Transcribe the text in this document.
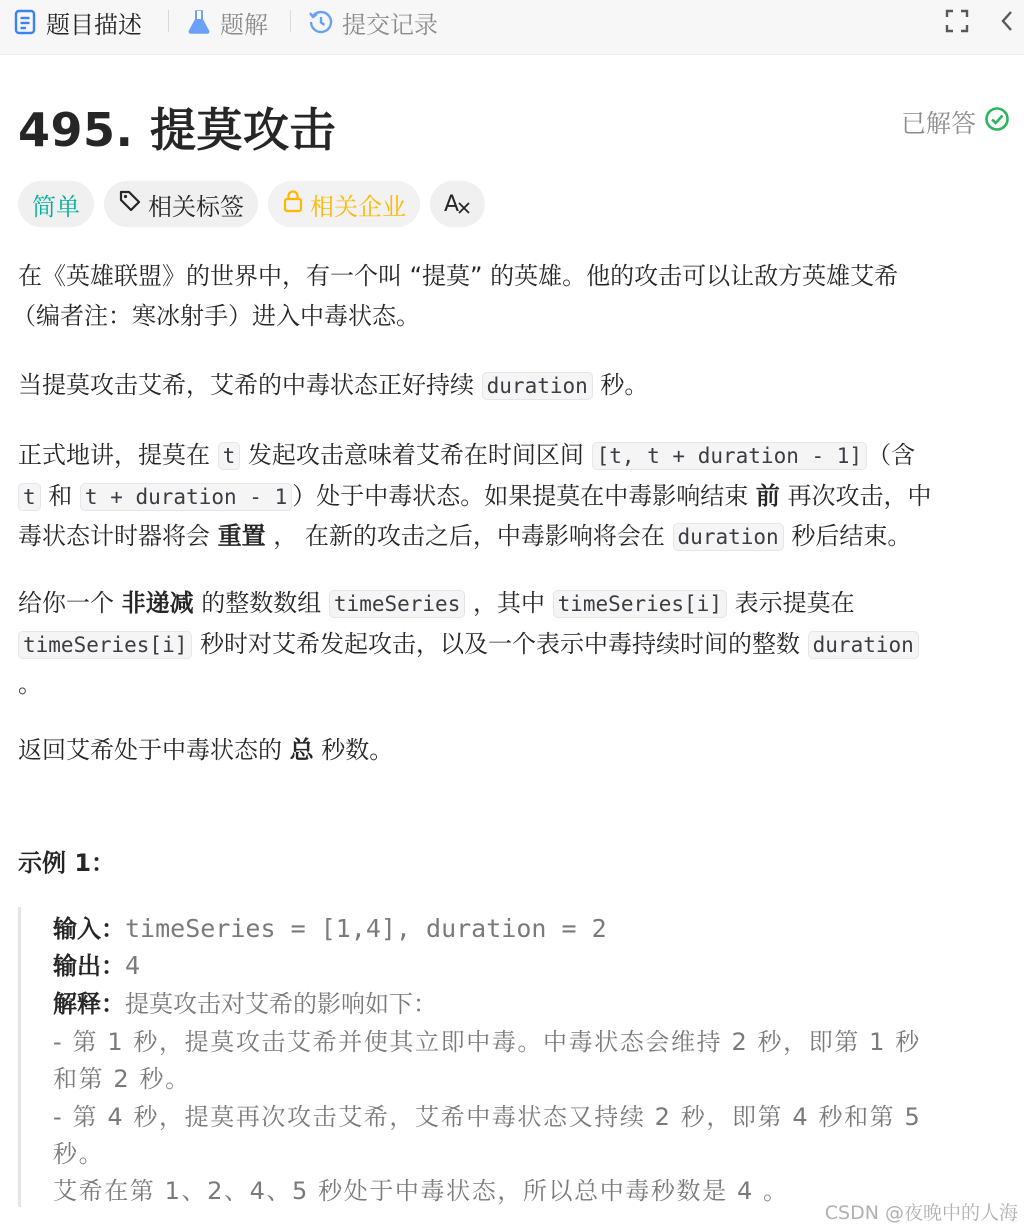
题目描述	题解	提交记录
495. 提莫攻击	已解答
简单	相关标签	相关企业 A
在《英雄联盟》的世界中，有一个叫 “提莫” 的英雄。他的攻击可以让敌方英雄艾希
（编者注：寒冰射手）进入中毒状态。
当提莫攻击艾希，艾希的中毒状态正好持续 duration 秒。
正式地讲，提莫在 t 发起攻击意味着艾希在时间区间 [t, t + duration - 1] （含
t 和 t + duration - 1 ）处于中毒状态。如果提莫在中毒影响结束 前 再次攻击，中
毒状态计时器将会 重置 ， 在新的攻击之后，中毒影响将会在 duration 秒后结束。
给你一个 非递减 的整数数组 timeSeries ，其中 timeSeries[i] 表示提莫在
timeSeries[i] 秒时对艾希发起攻击，以及一个表示中毒持续时间的整数 duration
。
返回艾希处于中毒状态的 总 秒数。
示例 1：
输入：timeSeries = [1,4], duration = 2
输出：4
解释：提莫攻击对艾希的影响如下：
- 第 1 秒，提莫攻击艾希并使其立即中毒。中毒状态会维持 2 秒，即第 1 秒
和第 2 秒。
- 第 4 秒，提莫再次攻击艾希，艾希中毒状态又持续 2 秒，即第 4 秒和第 5
秒。
艾希在第 1、2、4、5 秒处于中毒状态，所以总中毒秒数是 4 。
CSDN @夜晚中的人海
